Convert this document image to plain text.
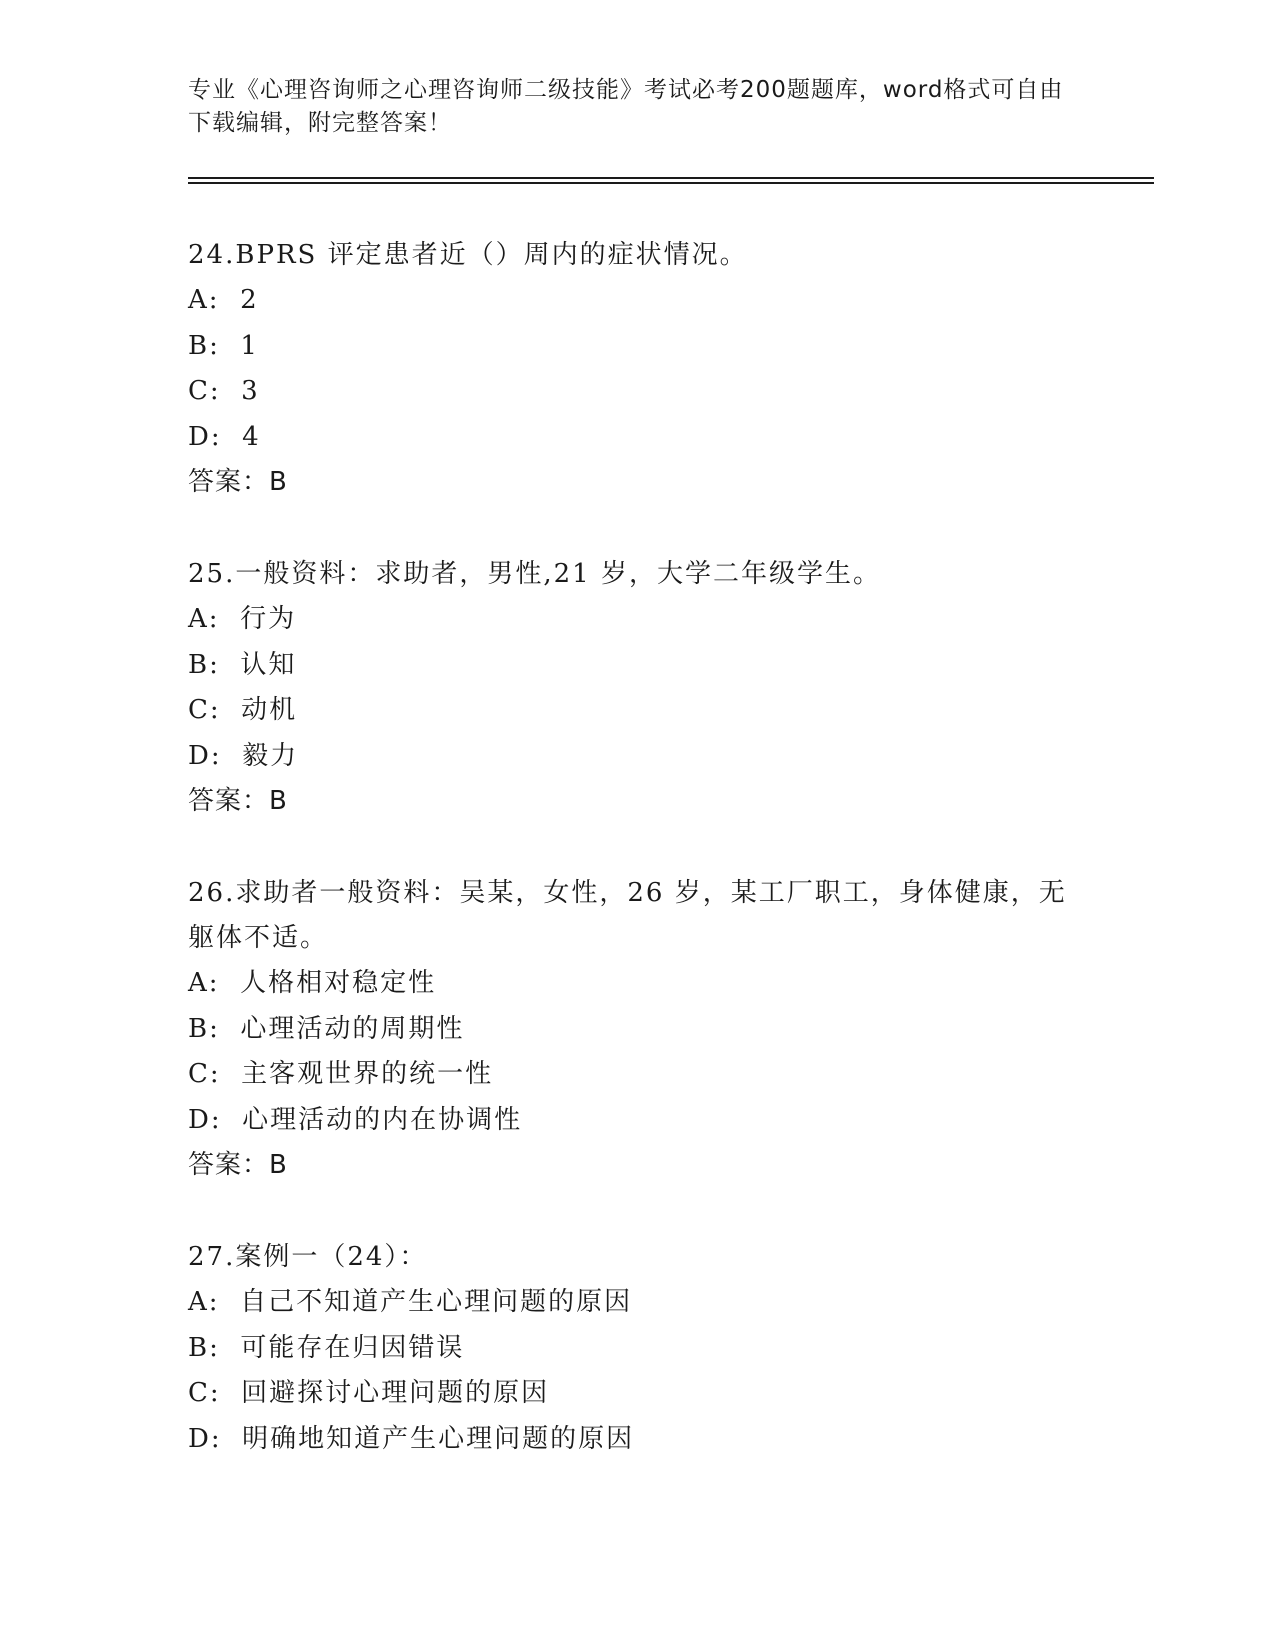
专业《心理咨询师之心理咨询师二级技能》考试必考200题题库，word格式可自由下载编辑，附完整答案！

24.BPRS 评定患者近（）周内的症状情况。

A:  2

B:  1

C:  3

D:  4

答案：B

25.一般资料：求助者，男性,21 岁，大学二年级学生。

A:  行为

B:  认知

C:  动机

D:  毅力

答案：B

26.求助者一般资料：吴某，女性，26 岁，某工厂职工，身体健康，无躯体不适。

A:  人格相对稳定性

B:  心理活动的周期性

C:  主客观世界的统一性

D:  心理活动的内在协调性

答案：B

27.案例一（24）：

A:  自己不知道产生心理问题的原因

B:  可能存在归因错误

C:  回避探讨心理问题的原因

D:  明确地知道产生心理问题的原因
